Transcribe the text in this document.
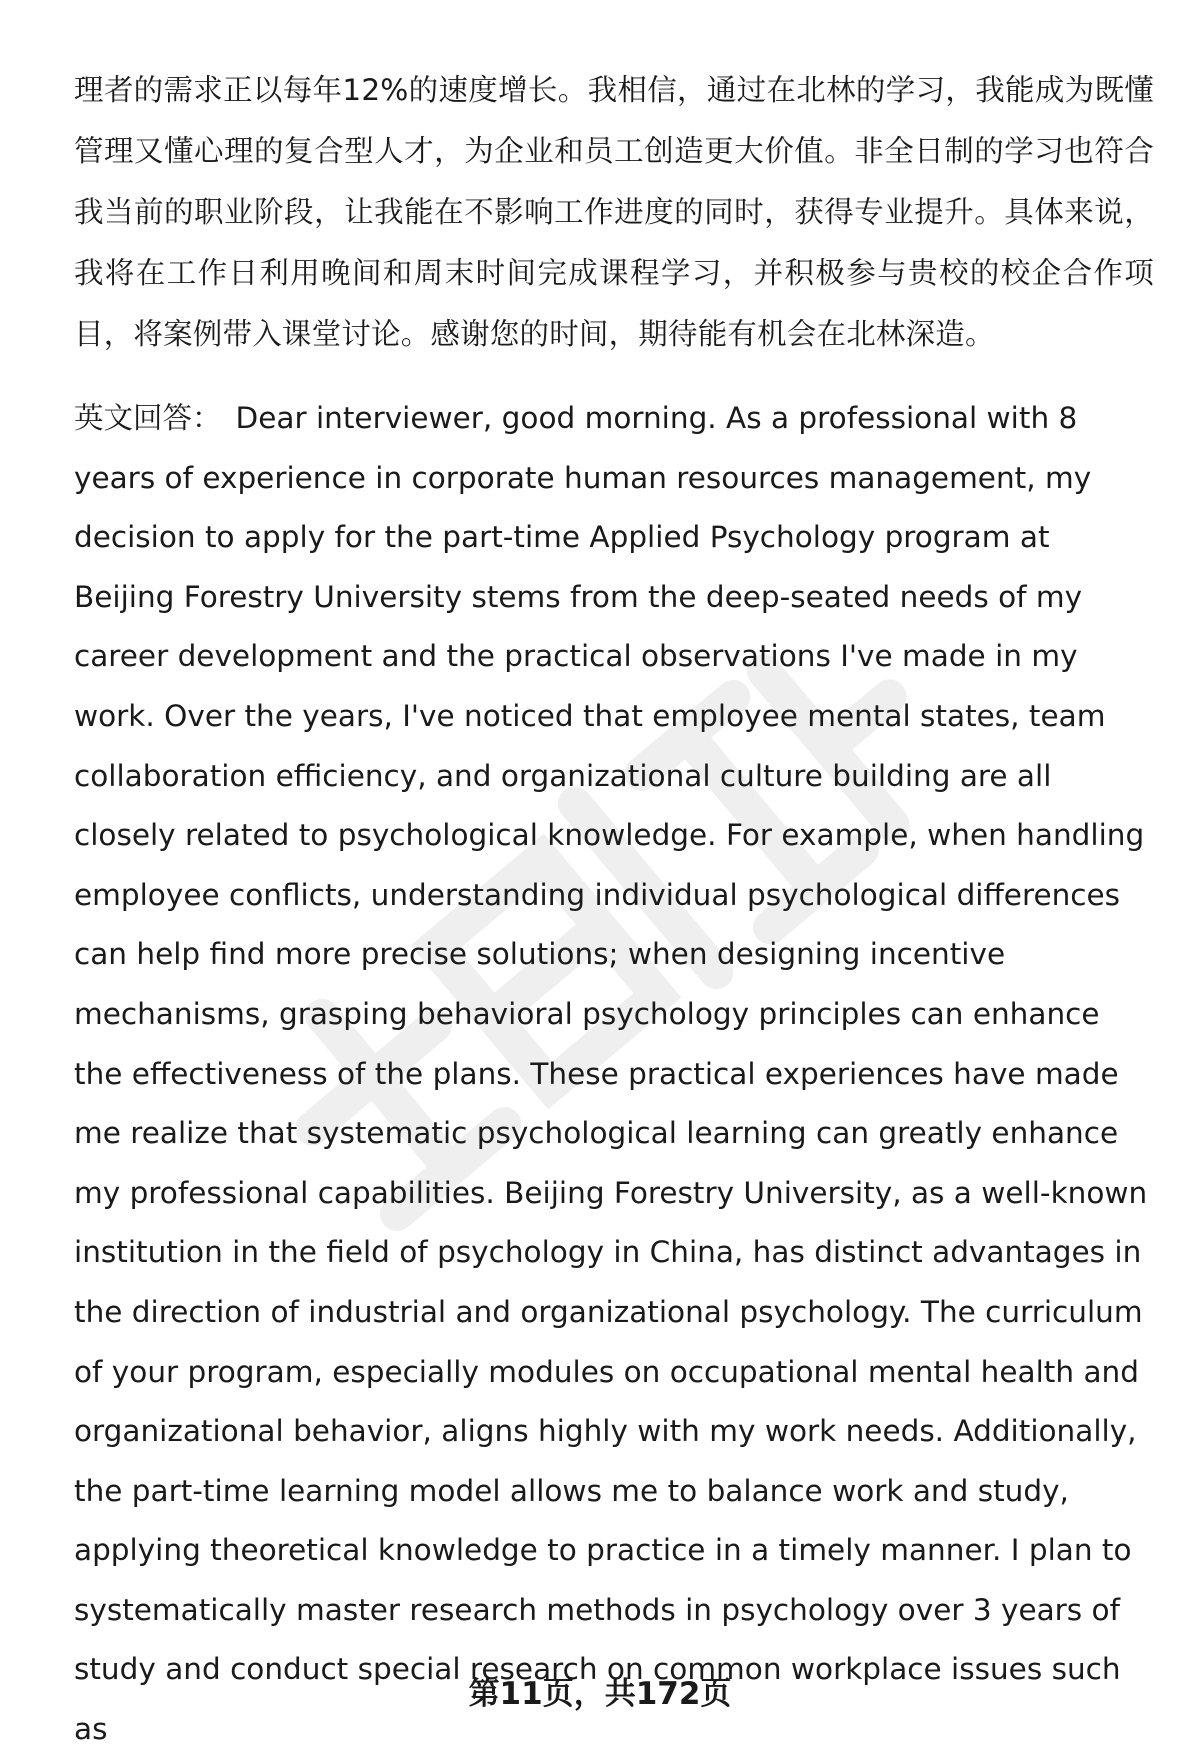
理者的需求正以每年12%的速度增长。我相信，通过在北林的学习，我能成为既懂管理又懂心理的复合型人才，为企业和员工创造更大价值。非全日制的学习也符合我当前的职业阶段，让我能在不影响工作进度的同时，获得专业提升。具体来说，我将在工作日利用晚间和周末时间完成课程学习，并积极参与贵校的校企合作项目，将案例带入课堂讨论。感谢您的时间，期待能有机会在北林深造。

英文回答： Dear interviewer, good morning. As a professional with 8 years of experience in corporate human resources management, my decision to apply for the part-time Applied Psychology program at Beijing Forestry University stems from the deep-seated needs of my career development and the practical observations I've made in my work. Over the years, I've noticed that employee mental states, team collaboration efficiency, and organizational culture building are all closely related to psychological knowledge. For example, when handling employee conflicts, understanding individual psychological differences can help find more precise solutions; when designing incentive mechanisms, grasping behavioral psychology principles can enhance the effectiveness of the plans. These practical experiences have made me realize that systematic psychological learning can greatly enhance my professional capabilities. Beijing Forestry University, as a well-known institution in the field of psychology in China, has distinct advantages in the direction of industrial and organizational psychology. The curriculum of your program, especially modules on occupational mental health and organizational behavior, aligns highly with my work needs. Additionally, the part-time learning model allows me to balance work and study, applying theoretical knowledge to practice in a timely manner. I plan to systematically master research methods in psychology over 3 years of study and conduct special research on common workplace issues such as

第11页，共172页
